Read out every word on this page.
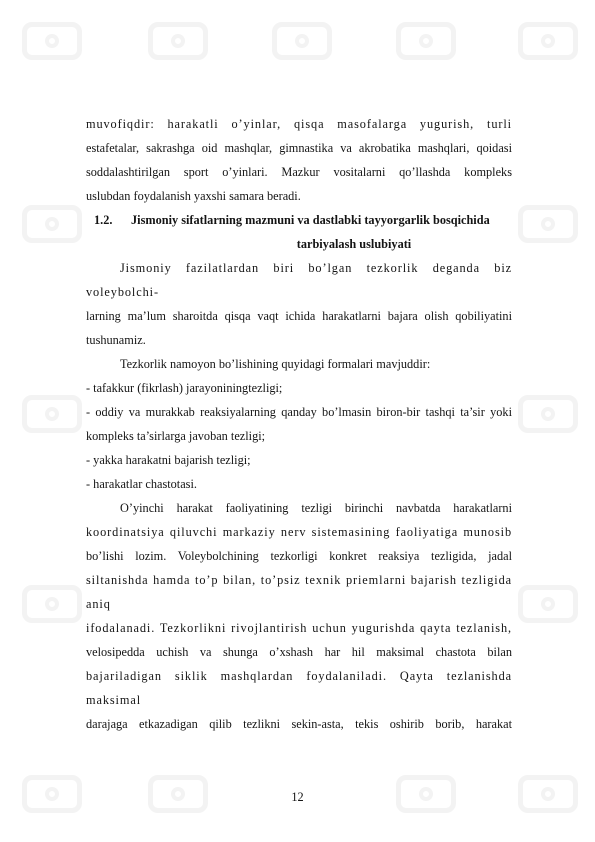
muvofiqdir: harakatli o’yinlar, qisqa masofalarga yugurish, turli

estafetalar, sakrashga oid mashqlar, gimnastika va akrobatika mashqlari, qoidasi

soddalashtirilgan sport o’yinlari. Mazkur vositalarni qo’llashda kompleks

uslubdan foydalanish yaxshi samara beradi.

1.2.	Jismoniy sifatlarning mazmuni va dastlabki tayyorgarlik bosqichida

tarbiyalash uslubiyati

Jismoniy fazilatlardan biri bo’lgan tezkorlik deganda biz voleybolchi-

larning ma’lum sharoitda qisqa vaqt ichida harakatlarni bajara olish qobiliyatini

tushunamiz.

Tezkorlik namoyon bo’lishining quyidagi formalari mavjuddir:

- tafakkur (fikrlash) jarayoniningtezligi;

- oddiy va murakkab reaksiyalarning qanday bo’lmasin biron-bir tashqi ta’sir yoki

kompleks ta’sirlarga javoban tezligi;

- yakka harakatni bajarish tezligi;

- harakatlar chastotasi.

O’yinchi harakat faoliyatining tezligi birinchi navbatda harakatlarni

koordinatsiya qiluvchi markaziy nerv sistemasining faoliyatiga munosib

bo’lishi lozim. Voleybolchining tezkorligi konkret reaksiya tezligida, jadal

siltanishda hamda to’p bilan, to’psiz texnik priemlarni bajarish tezligida aniq

ifodalanadi. Tezkorlikni rivojlantirish uchun yugurishda qayta tezlanish,

velosipedda uchish va shunga o’xshash har hil maksimal chastota bilan

bajariladigan siklik mashqlardan foydalaniladi. Qayta tezlanishda maksimal

darajaga etkazadigan qilib tezlikni sekin-asta, tekis oshirib borib, harakat

12
